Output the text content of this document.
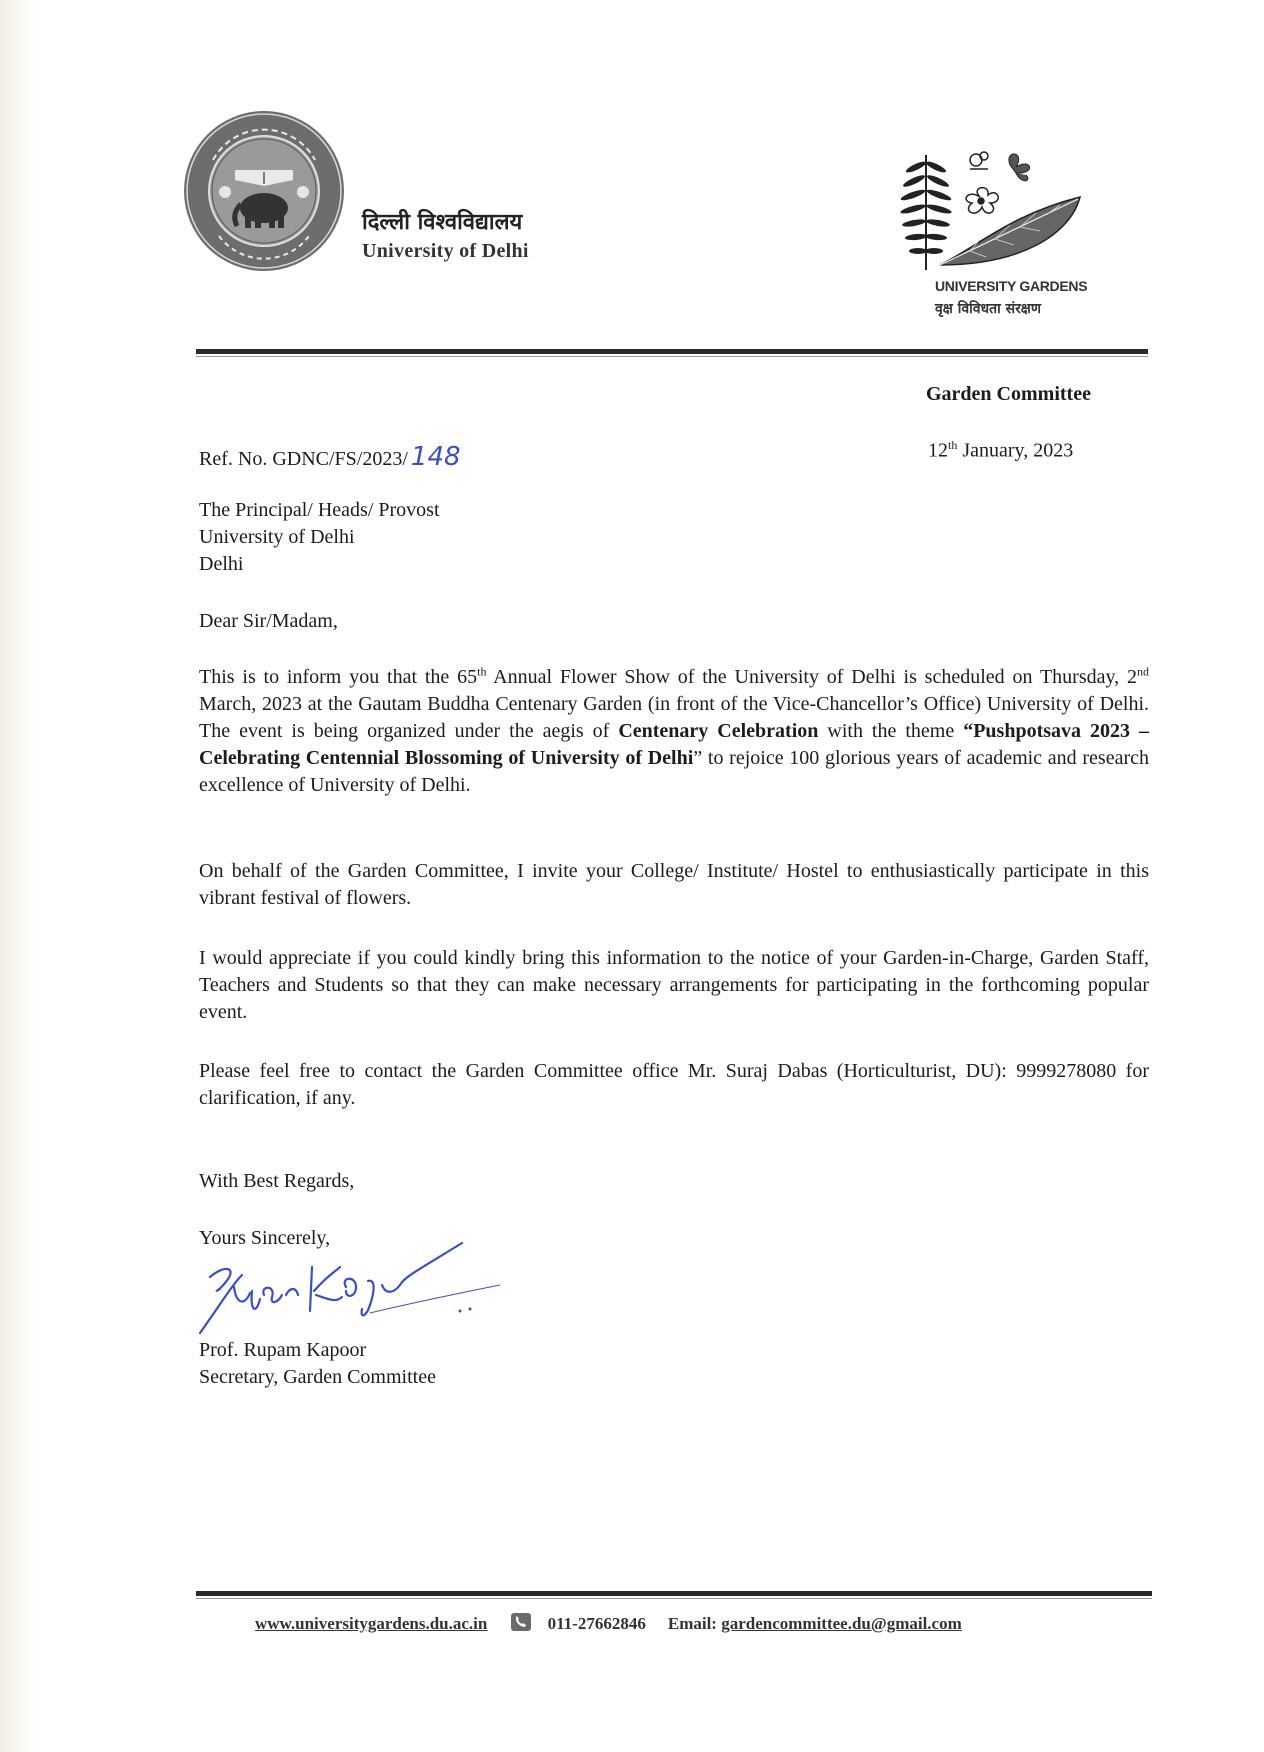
दिल्ली विश्वविद्यालय
University of Delhi
UNIVERSITY GARDENS
वृक्ष विविधता संरक्षण
Garden Committee
Ref. No. GDNC/FS/2023/ 148	12th January, 2023
The Principal/ Heads/ Provost
University of Delhi
Delhi
Dear Sir/Madam,
This is to inform you that the 65th Annual Flower Show of the University of Delhi is scheduled on Thursday, 2nd March, 2023 at the Gautam Buddha Centenary Garden (in front of the Vice-Chancellor’s Office) University of Delhi. The event is being organized under the aegis of Centenary Celebration with the theme “Pushpotsava 2023 – Celebrating Centennial Blossoming of University of Delhi” to rejoice 100 glorious years of academic and research excellence of University of Delhi.
On behalf of the Garden Committee, I invite your College/ Institute/ Hostel to enthusiastically participate in this vibrant festival of flowers.
I would appreciate if you could kindly bring this information to the notice of your Garden-in-Charge, Garden Staff, Teachers and Students so that they can make necessary arrangements for participating in the forthcoming popular event.
Please feel free to contact the Garden Committee office Mr. Suraj Dabas (Horticulturist, DU): 9999278080 for clarification, if any.
With Best Regards,
Yours Sincerely,
Prof. Rupam Kapoor
Secretary, Garden Committee
www.universitygardens.du.ac.in	011-27662846 Email: gardencommittee.du@gmail.com
